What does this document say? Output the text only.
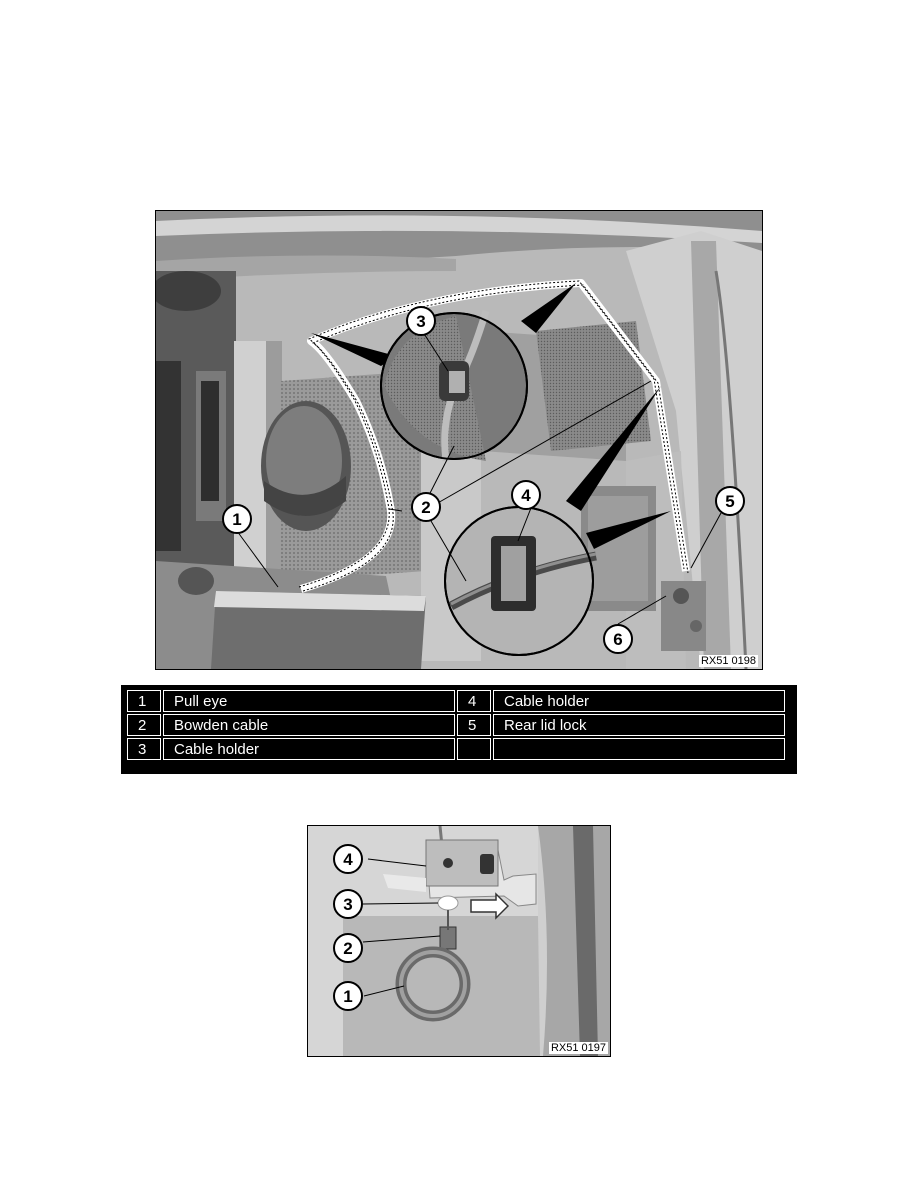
1
2
3
4	5
6
RX51 0198
1	Pull eye	4	Cable holder
2	Bowden cable	5	Rear lid lock
3	Cable holder		
4
3
2
1
RX51 0197
